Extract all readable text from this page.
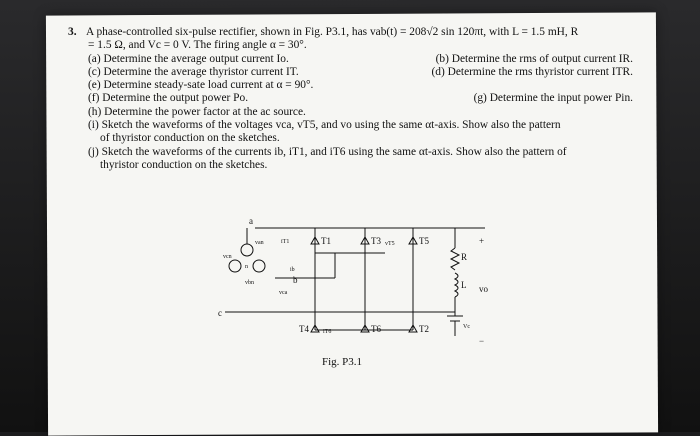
3. A phase-controlled six-pulse rectifier, shown in Fig. P3.1, has vab(t) = 208√2 sin 120πt, with L = 1.5 mH, R
= 1.5 Ω, and Vc = 0 V. The firing angle α = 30°.
(a) Determine the average output current Io.	(b) Determine the rms of output current IR.
(c) Determine the average thyristor current IT.	(d) Determine the rms thyristor current ITR.
(e) Determine steady-sate load current at α = 90°.
(f) Determine the output power Po.	(g) Determine the input power Pin.
(h) Determine the power factor at the ac source.
(i) Sketch the waveforms of the voltages vca, vT5, and vo using the same αt-axis. Show also the pattern
of thyristor conduction on the sketches.
(j) Sketch the waveforms of the currents ib, iT1, and iT6 using the same αt-axis. Show also the pattern of
thyristor conduction on the sketches.
a
b
c
n
van
vcn
vbn
vca
ib
iT1
iT6
T1	T3	T5
T4	T6	T2
vT5
R
L vo
Vc
+
−
Fig. P3.1
